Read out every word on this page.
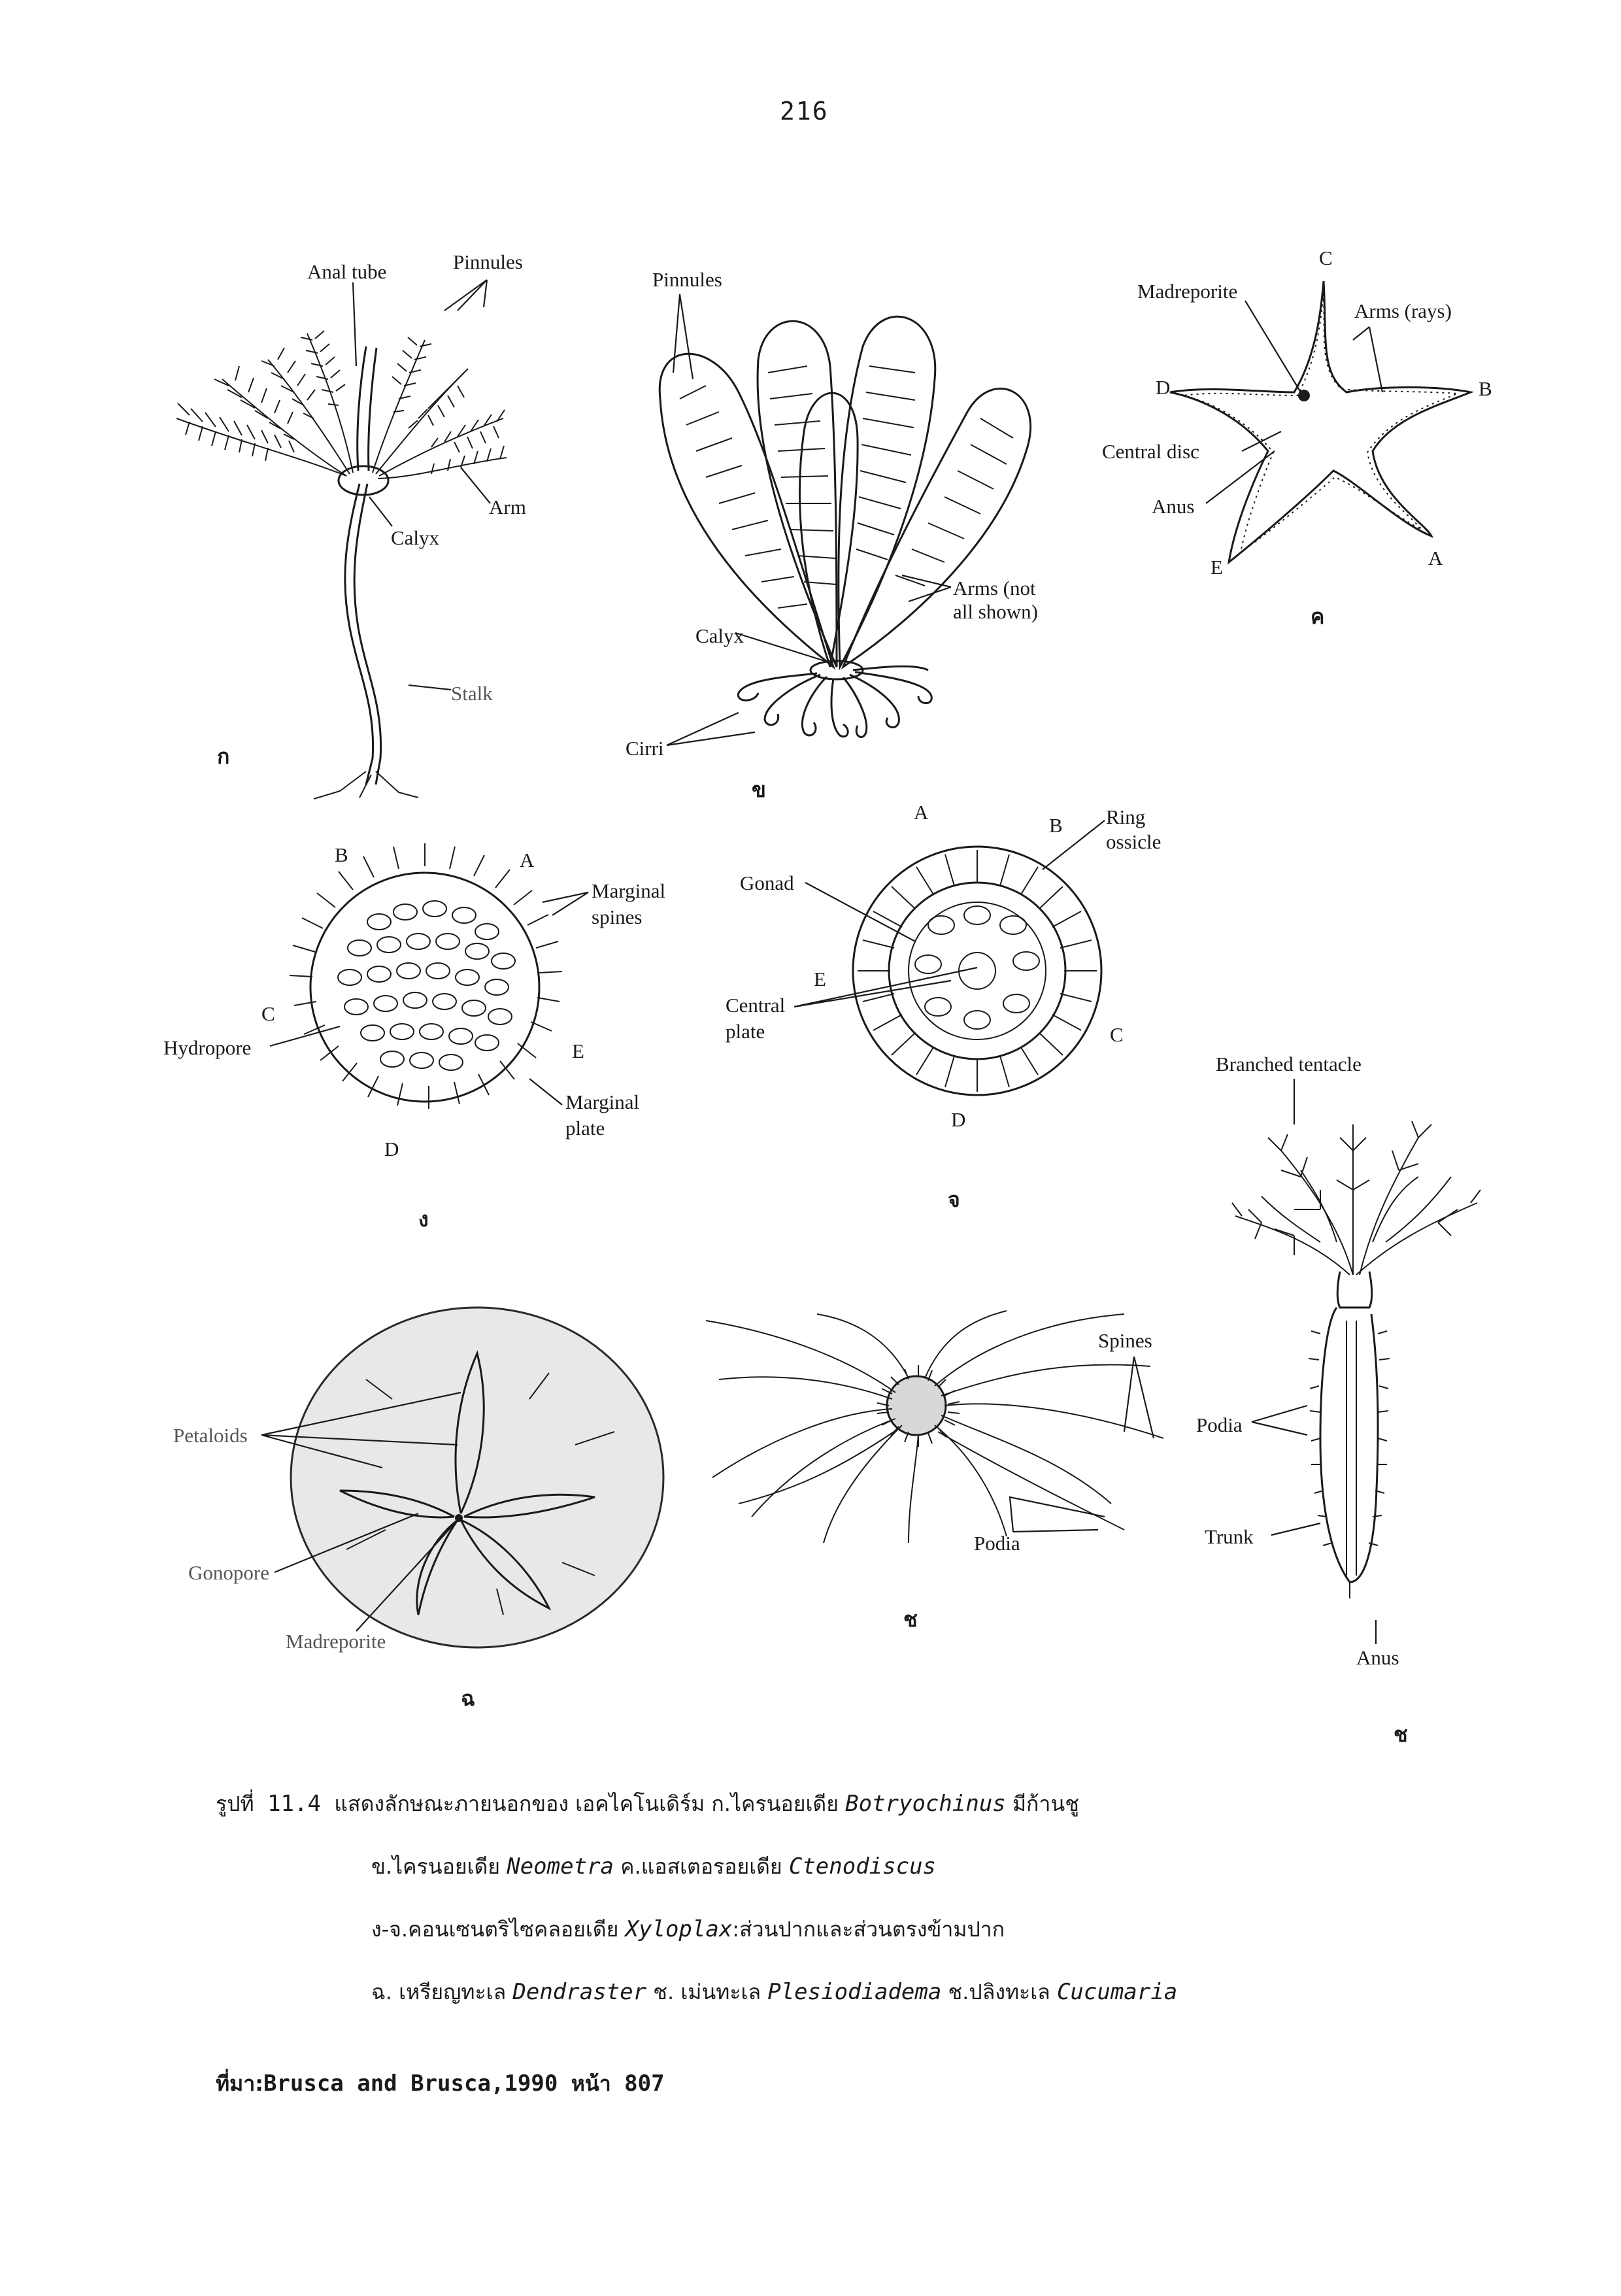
216
Anal tube	Pinnules
Calyx
Arm
Stalk
ก
Pinnules
Arms (not
all shown)
Calyx
Cirri
ข
C
Madreporite
Arms (rays)
D	B
Central disc
Anus
E	A
ค
B	A
Marginal
spines
C
Hydropore	E
Marginal
plate
D
ง
A
B Ring
ossicle
Gonad
E
Central
plate	C
D
จ
Petaloids
Gonopore
Madreporite
ฉ
Spines
Podia
ช
Branched tentacle
Podia
Trunk
Anus
ช
รูปที่ 11.4 แสดงลักษณะภายนอกของ เอคไคโนเดิร์ม ก.ไครนอยเดีย Botryochinus มีก้านชู
ข.ไครนอยเดีย Neometra ค.แอสเตอรอยเดีย Ctenodiscus
ง-จ.คอนเซนตริไซคลอยเดีย Xyloplax:ส่วนปากและส่วนตรงข้ามปาก
ฉ. เหรียญทะเล Dendraster ช. เม่นทะเล Plesiodiadema ช.ปลิงทะเล Cucumaria
ที่มา:Brusca and Brusca,1990 หน้า 807
